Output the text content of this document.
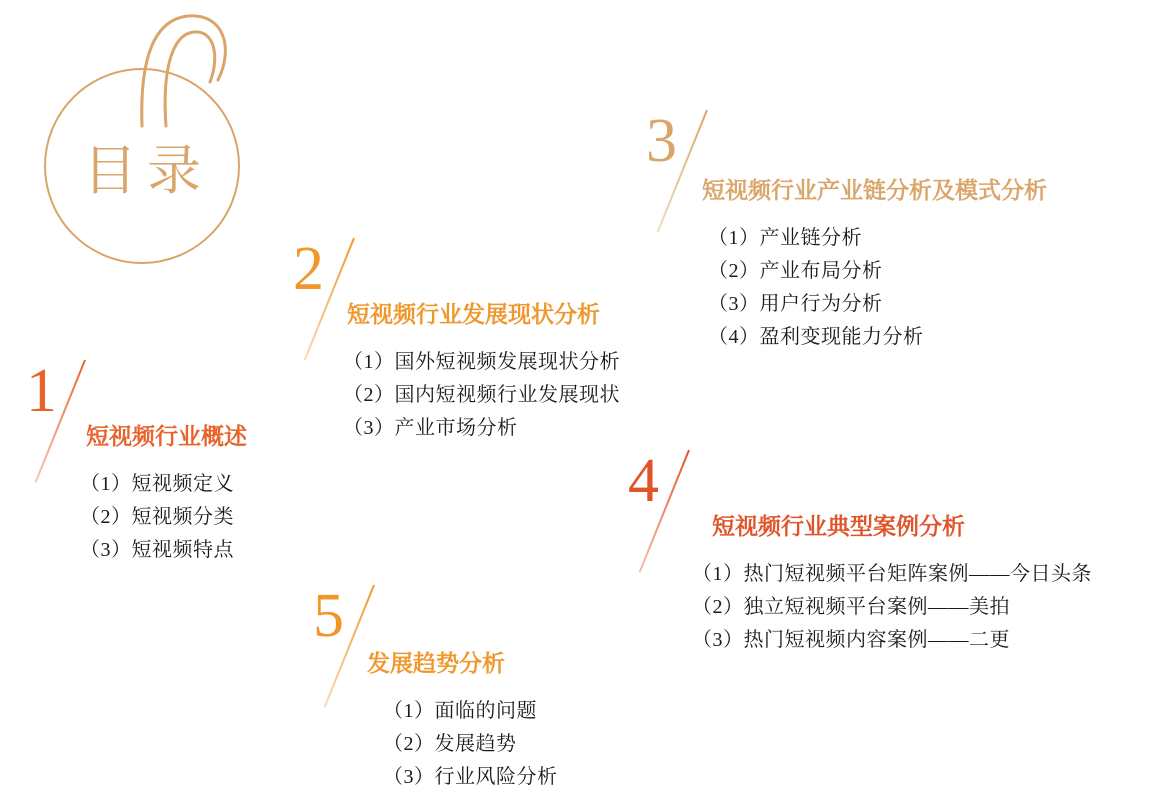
目录
1
短视频行业概述
（1）短视频定义
（2）短视频分类
（3）短视频特点
2
短视频行业发展现状分析
（1）国外短视频发展现状分析
（2）国内短视频行业发展现状
（3）产业市场分析
3
短视频行业产业链分析及模式分析
（1）产业链分析
（2）产业布局分析
（3）用户行为分析
（4）盈利变现能力分析
4
短视频行业典型案例分析
（1）热门短视频平台矩阵案例——今日头条
（2）独立短视频平台案例——美拍
（3）热门短视频内容案例——二更
5
发展趋势分析
（1）面临的问题
（2）发展趋势
（3）行业风险分析
